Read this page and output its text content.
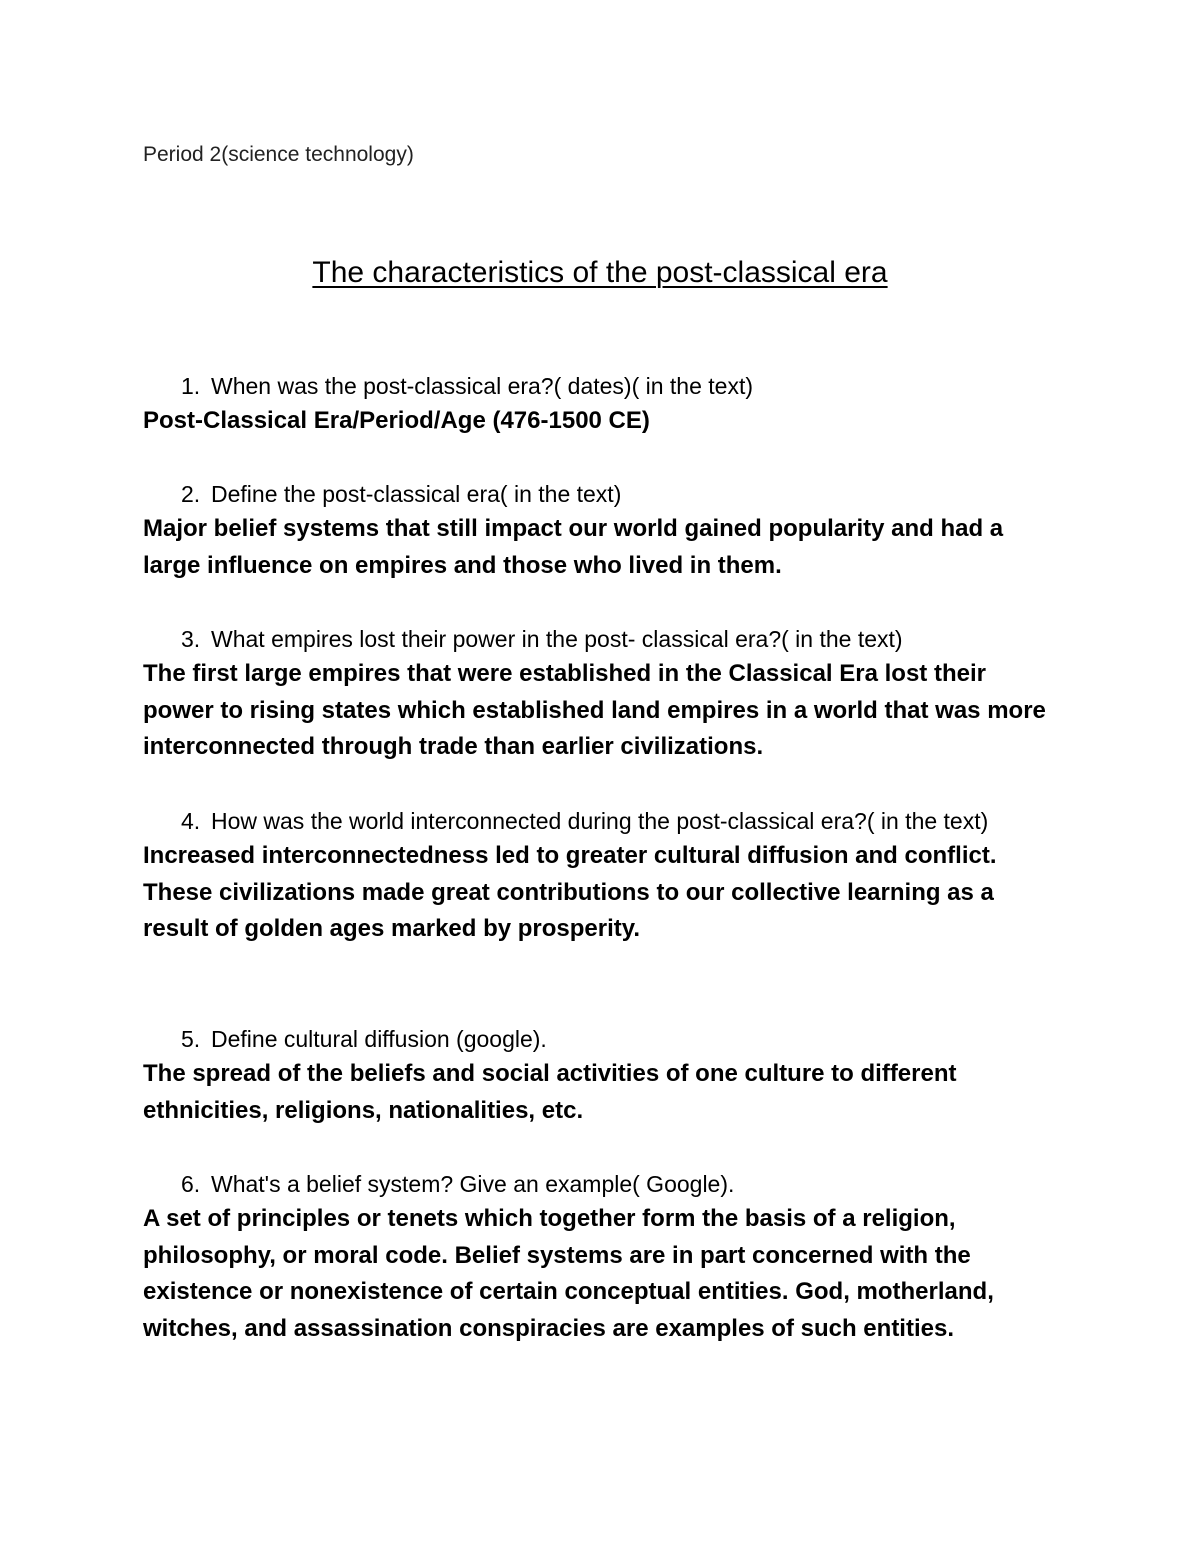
Period 2(science technology)
The characteristics of the post-classical era
1. When was the post-classical era?( dates)( in the text)
Post-Classical Era/Period/Age (476-1500 CE)
2. Define the post-classical era( in the text)
Major belief systems that still impact our world gained popularity and had a large influence on empires and those who lived in them.
3. What empires lost their power in the post- classical era?( in the text)
The first large empires that were established in the Classical Era lost their power to rising states which established land empires in a world that was more interconnected through trade than earlier civilizations.
4. How was the world interconnected during the post-classical era?( in the text)
Increased interconnectedness led to greater cultural diffusion and conflict. These civilizations made great contributions to our collective learning as a result of golden ages marked by prosperity.
5. Define cultural diffusion (google).
The spread of the beliefs and social activities of one culture to different ethnicities, religions, nationalities, etc.
6. What's a belief system? Give an example( Google).
A set of principles or tenets which together form the basis of a religion, philosophy, or moral code. Belief systems are in part concerned with the existence or nonexistence of certain conceptual entities. God, motherland, witches, and assassination conspiracies are examples of such entities.
